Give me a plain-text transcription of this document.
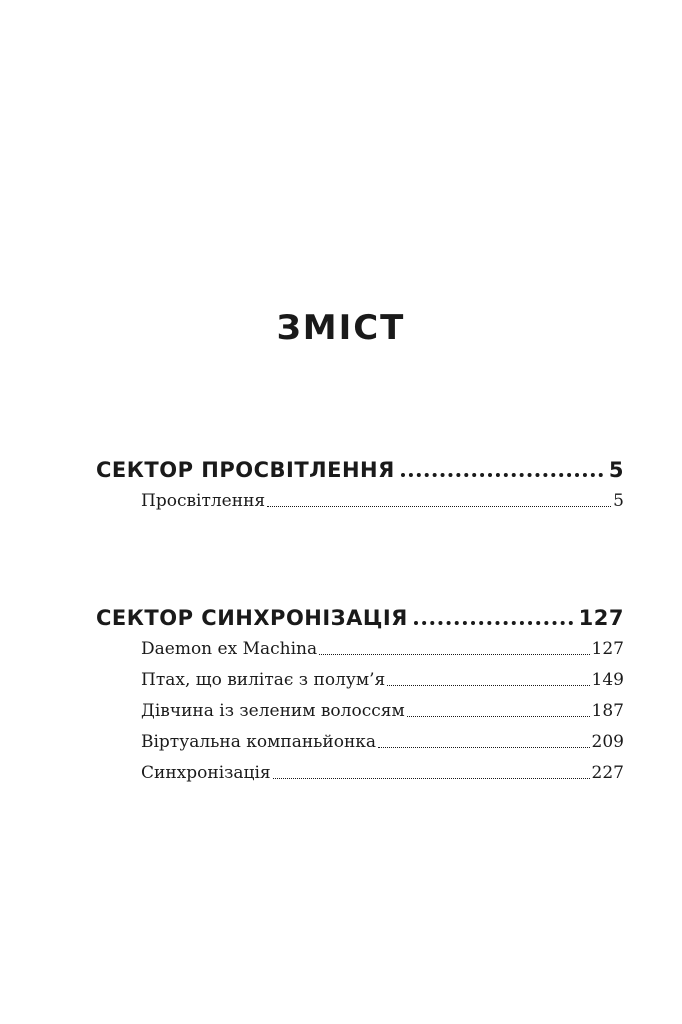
ЗМІСТ
СЕКТОР ПРОСВІТЛЕННЯ	5
Просвітлення	5
СЕКТОР СИНХРОНІЗАЦІЯ	127
Daemon ex Machina	127
Птах, що вилітає з полум’я	149
Дівчина із зеленим волоссям	187
Віртуальна компаньйонка	209
Синхронізація	227
